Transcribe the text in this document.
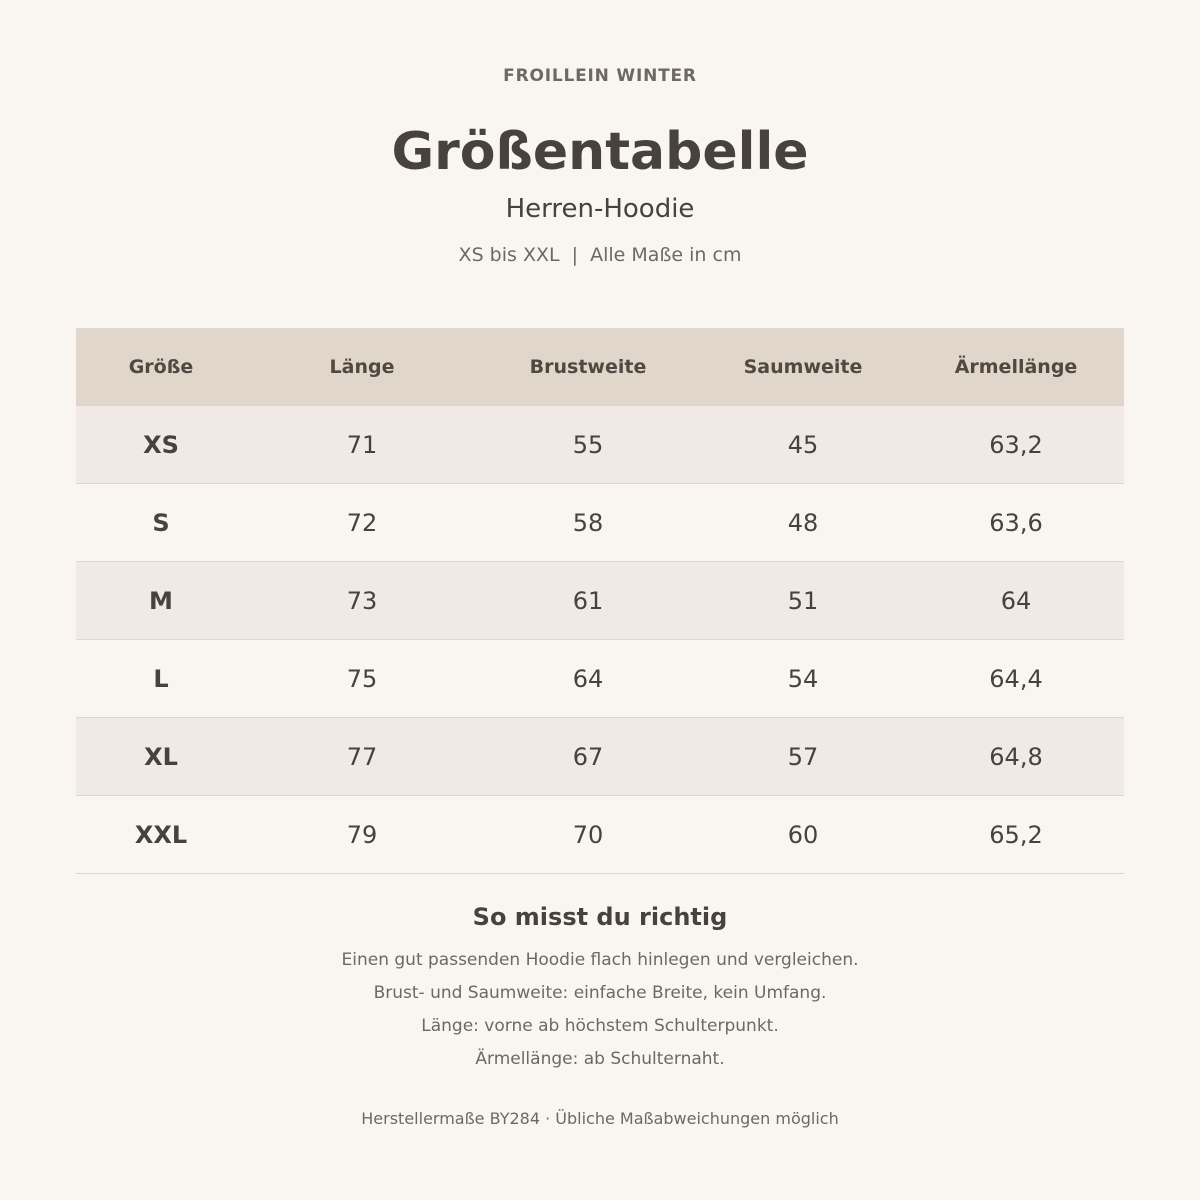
FROILLEIN WINTER
Größentabelle
Herren-Hoodie
XS bis XXL  |  Alle Maße in cm
Größe	Länge	Brustweite	Saumweite	Ärmellänge
XS	71	55	45	63,2
S	72	58	48	63,6
M	73	61	51	64
L	75	64	54	64,4
XL	77	67	57	64,8
XXL	79	70	60	65,2
So misst du richtig
Einen gut passenden Hoodie flach hinlegen und vergleichen.
Brust- und Saumweite: einfache Breite, kein Umfang.
Länge: vorne ab höchstem Schulterpunkt.
Ärmellänge: ab Schulternaht.
Herstellermaße BY284 · Übliche Maßabweichungen möglich
